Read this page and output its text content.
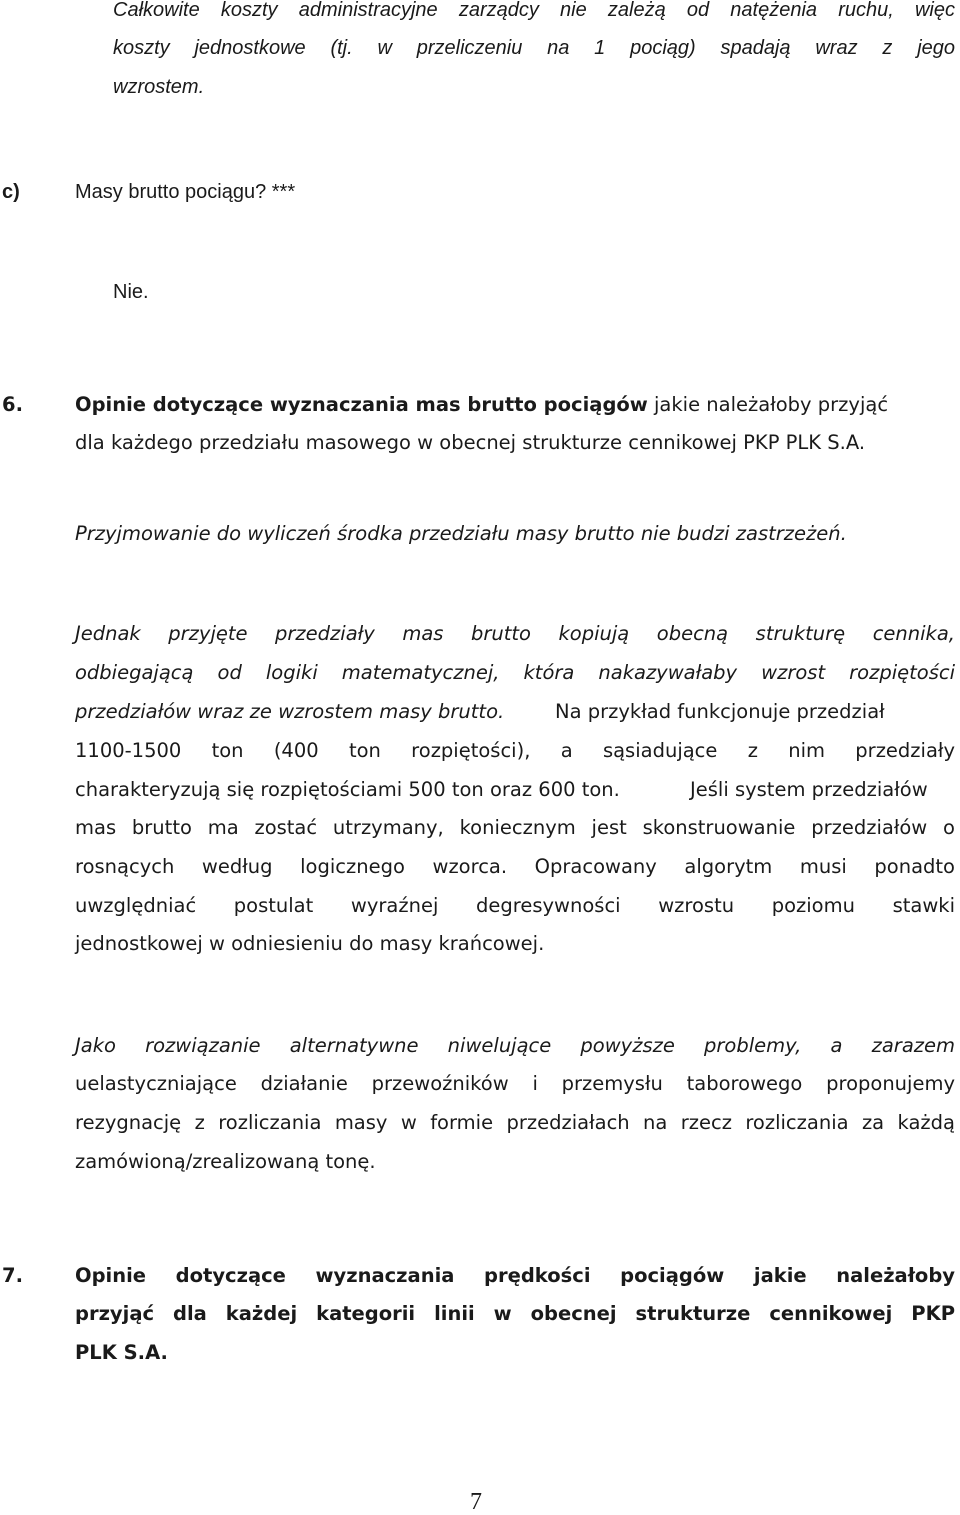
Całkowite koszty administracyjne zarządcy nie zależą od natężenia ruchu, więc
koszty jednostkowe (tj. w przeliczeniu na 1 pociąg) spadają wraz z jego
wzrostem.
c)	Masy brutto pociągu? ***
Nie.
6.	Opinie dotyczące wyznaczania mas brutto pociągów jakie należałoby przyjąć
dla każdego przedziału masowego w obecnej strukturze cennikowej PKP PLK S.A.
Przyjmowanie do wyliczeń środka przedziału masy brutto nie budzi zastrzeżeń.
Jednak przyjęte przedziały mas brutto kopiują obecną strukturę cennika,
odbiegającą od logiki matematycznej, która nakazywałaby wzrost rozpiętości
przedziałów wraz ze wzrostem masy brutto.	Na przykład funkcjonuje przedział
1100-1500 ton (400 ton rozpiętości), a sąsiadujące z nim przedziały
charakteryzują się rozpiętościami 500 ton oraz 600 ton.	Jeśli system przedziałów
mas brutto ma zostać utrzymany, koniecznym jest skonstruowanie przedziałów o
rosnących według logicznego wzorca. Opracowany algorytm musi ponadto
uwzględniać postulat wyraźnej degresywności wzrostu poziomu stawki
jednostkowej w odniesieniu do masy krańcowej.
Jako rozwiązanie alternatywne niwelujące powyższe problemy, a zarazem
uelastyczniające działanie przewoźników i przemysłu taborowego proponujemy
rezygnację z rozliczania masy w formie przedziałach na rzecz rozliczania za każdą
zamówioną/zrealizowaną tonę.
7.	Opinie dotyczące wyznaczania prędkości pociągów jakie należałoby
przyjąć dla każdej kategorii linii w obecnej strukturze cennikowej PKP
PLK S.A.
7
